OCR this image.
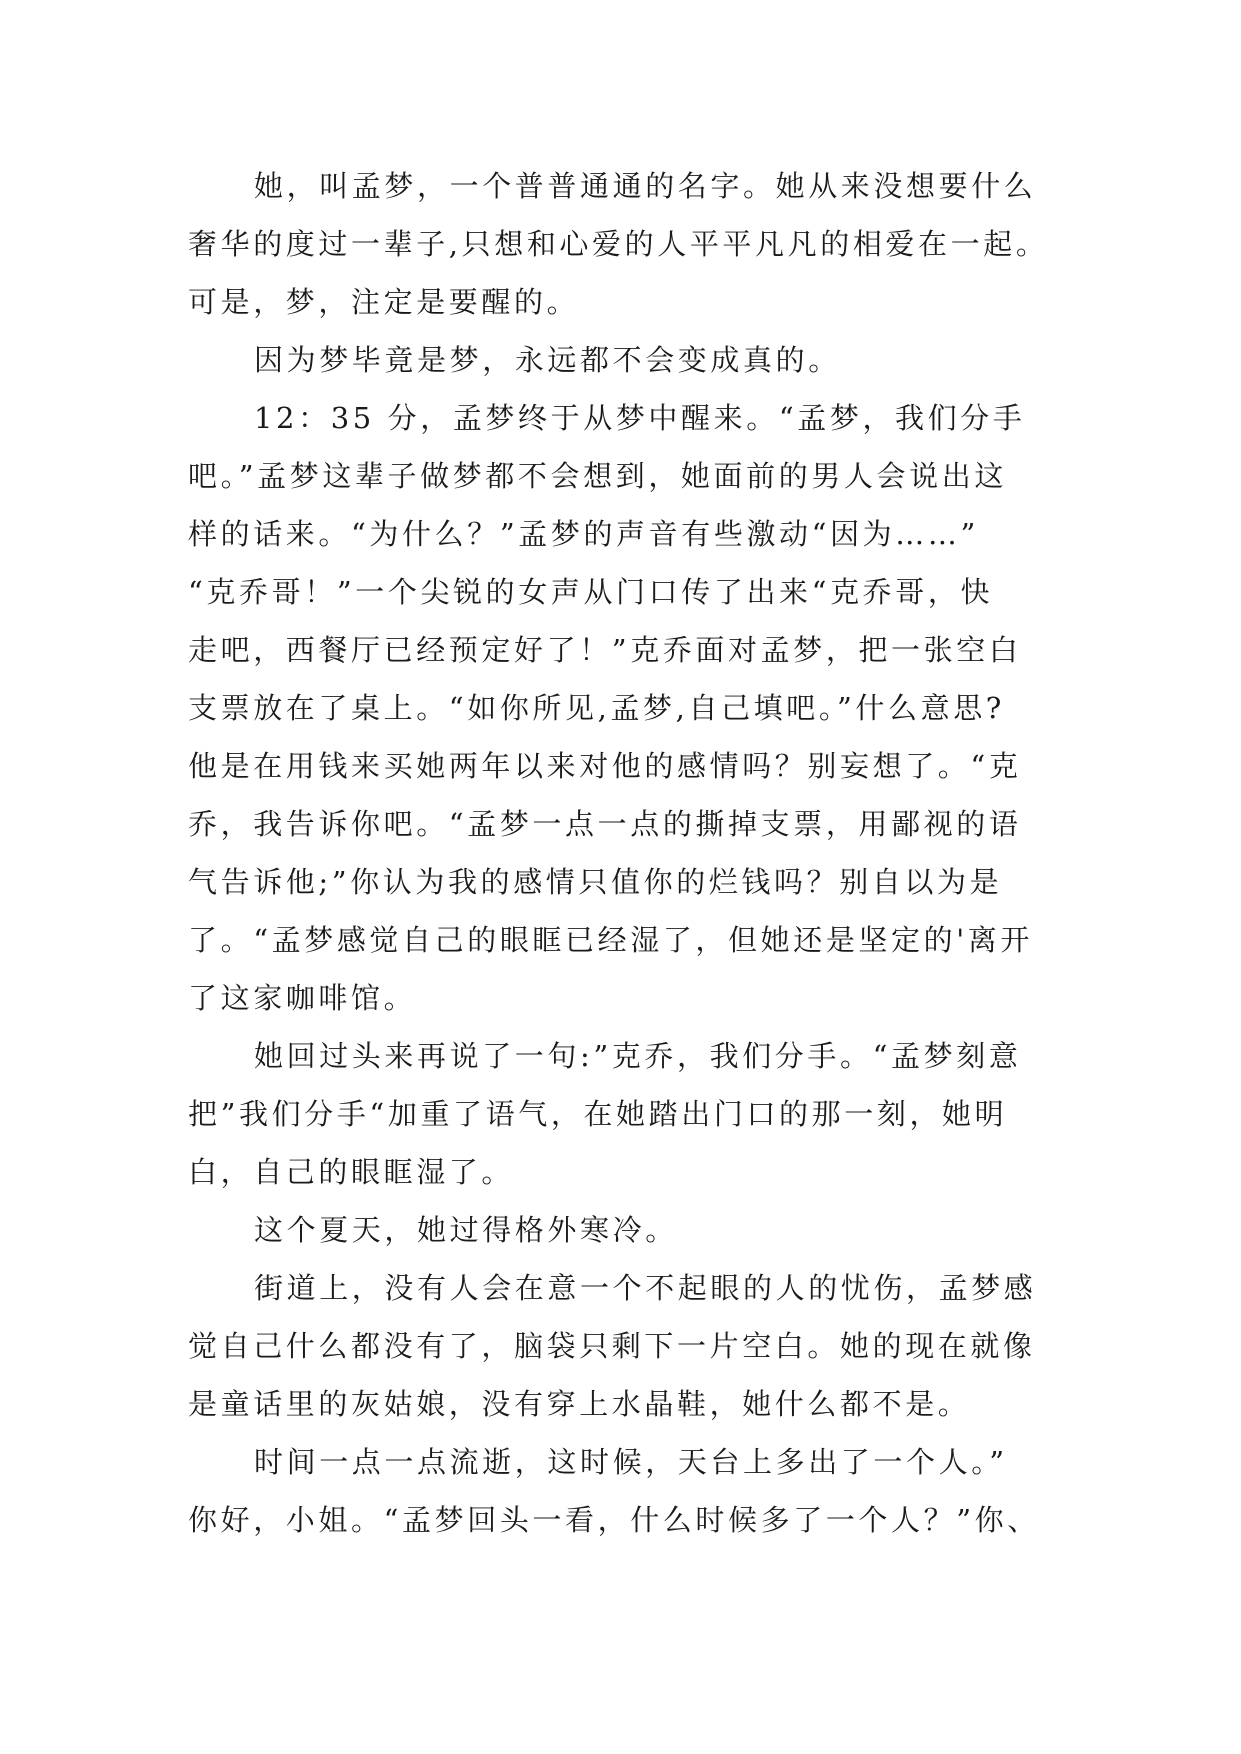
她，叫孟梦，一个普普通通的名字。她从来没想要什么
奢华的度过一辈子,只想和心爱的人平平凡凡的相爱在一起。
可是，梦，注定是要醒的。
因为梦毕竟是梦，永远都不会变成真的。
12：35 分，孟梦终于从梦中醒来。“孟梦，我们分手
吧。”孟梦这辈子做梦都不会想到，她面前的男人会说出这
样的话来。“为什么？”孟梦的声音有些激动“因为……”
“克乔哥！”一个尖锐的女声从门口传了出来“克乔哥，快
走吧，西餐厅已经预定好了！”克乔面对孟梦，把一张空白
支票放在了桌上。“如你所见,孟梦,自己填吧。”什么意思?
他是在用钱来买她两年以来对他的感情吗？别妄想了。“克
乔，我告诉你吧。“孟梦一点一点的撕掉支票，用鄙视的语
气告诉他;”你认为我的感情只值你的烂钱吗？别自以为是
了。“孟梦感觉自己的眼眶已经湿了，但她还是坚定的'离开
了这家咖啡馆。
她回过头来再说了一句:”克乔，我们分手。“孟梦刻意
把”我们分手“加重了语气，在她踏出门口的那一刻，她明
白，自己的眼眶湿了。
这个夏天，她过得格外寒冷。
街道上，没有人会在意一个不起眼的人的忧伤，孟梦感
觉自己什么都没有了，脑袋只剩下一片空白。她的现在就像
是童话里的灰姑娘，没有穿上水晶鞋，她什么都不是。
时间一点一点流逝，这时候，天台上多出了一个人。”
你好，小姐。“孟梦回头一看，什么时候多了一个人？”你、
